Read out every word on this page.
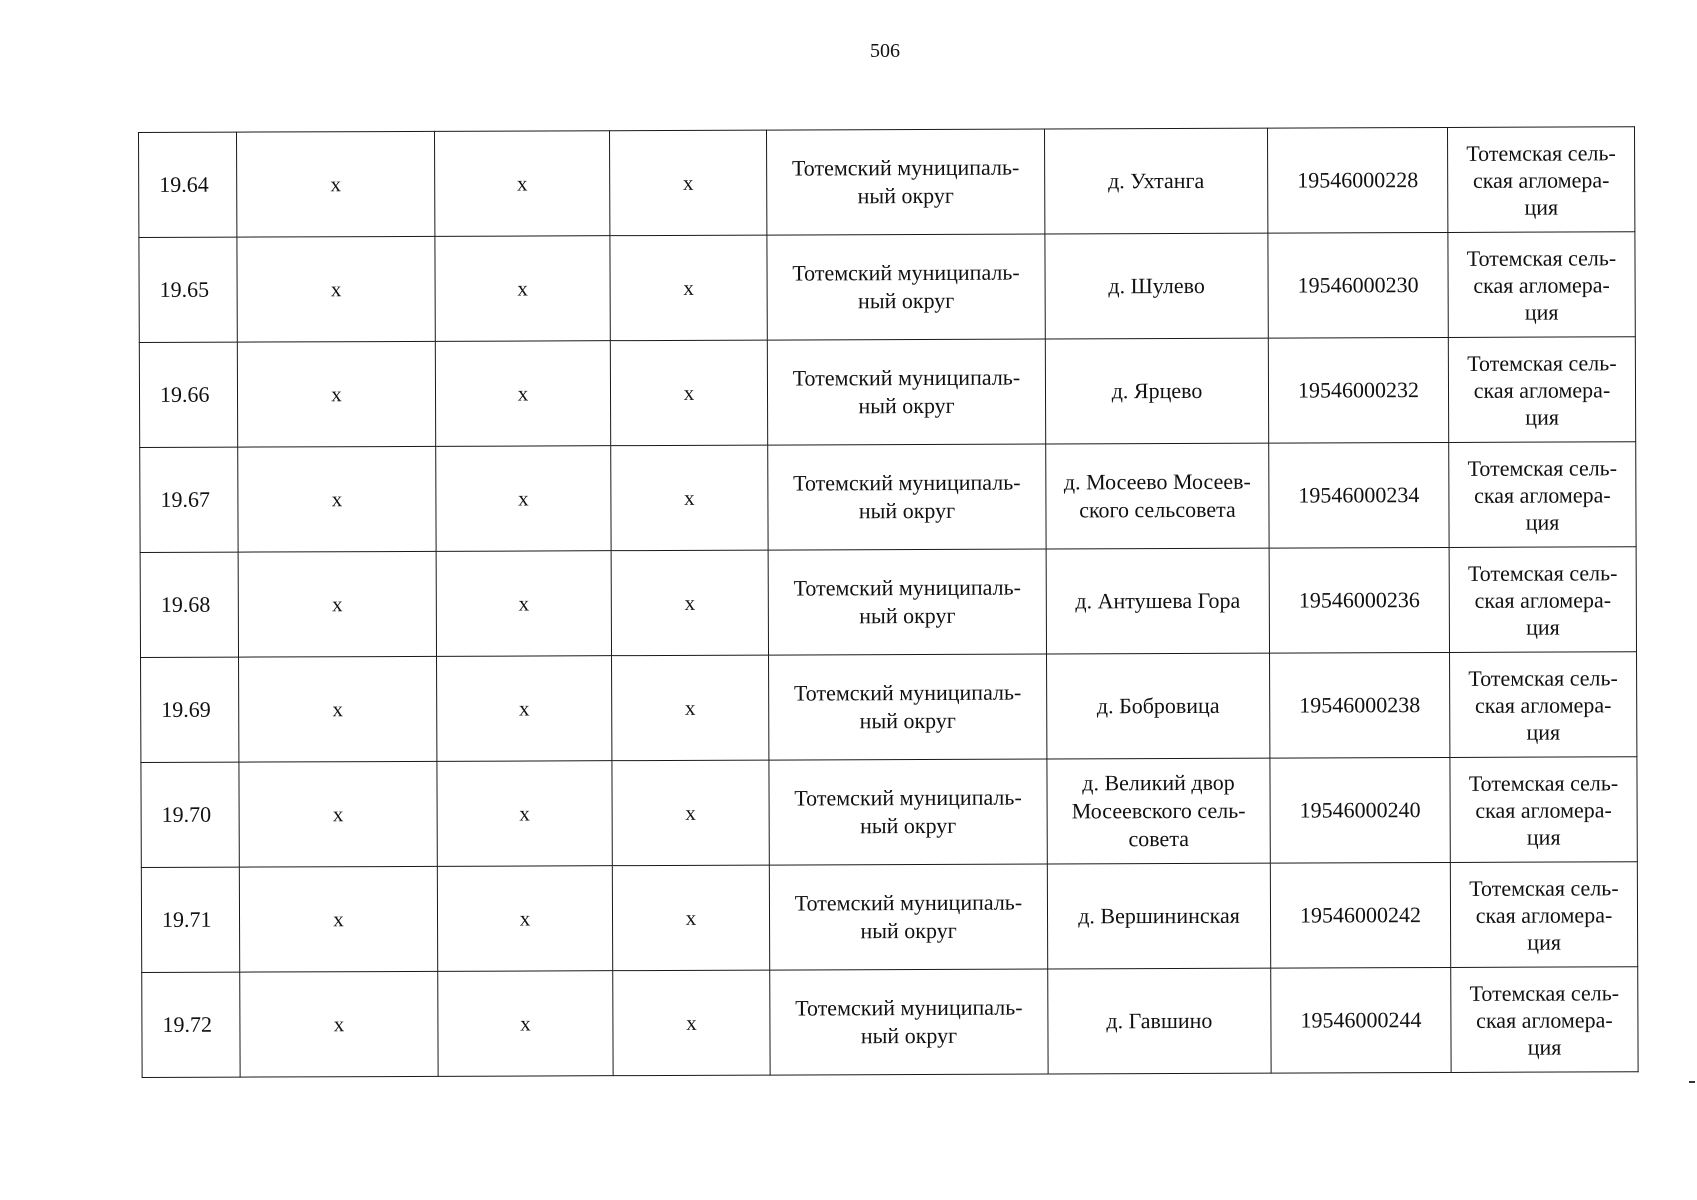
506
19.64	х	х	х	Тотемский муниципаль-
ный округ	д. Ухтанга	19546000228	Тотемская сель-
ская агломера-
ция
19.65	х	х	х	Тотемский муниципаль-
ный округ	д. Шулево	19546000230	Тотемская сель-
ская агломера-
ция
19.66	х	х	х	Тотемский муниципаль-
ный округ	д. Ярцево	19546000232	Тотемская сель-
ская агломера-
ция
19.67	х	х	х	Тотемский муниципаль-
ный округ	д. Мосеево Мосеев-
ского сельсовета	19546000234	Тотемская сель-
ская агломера-
ция
19.68	х	х	х	Тотемский муниципаль-
ный округ	д. Антушева Гора	19546000236	Тотемская сель-
ская агломера-
ция
19.69	х	х	х	Тотемский муниципаль-
ный округ	д. Бобровица	19546000238	Тотемская сель-
ская агломера-
ция
19.70	х	х	х	Тотемский муниципаль-
ный округ	д. Великий двор
Мосеевского сель-
совета	19546000240	Тотемская сель-
ская агломера-
ция
19.71	х	х	х	Тотемский муниципаль-
ный округ	д. Вершининская	19546000242	Тотемская сель-
ская агломера-
ция
19.72	х	х	х	Тотемский муниципаль-
ный округ	д. Гавшино	19546000244	Тотемская сель-
ская агломера-
ция
